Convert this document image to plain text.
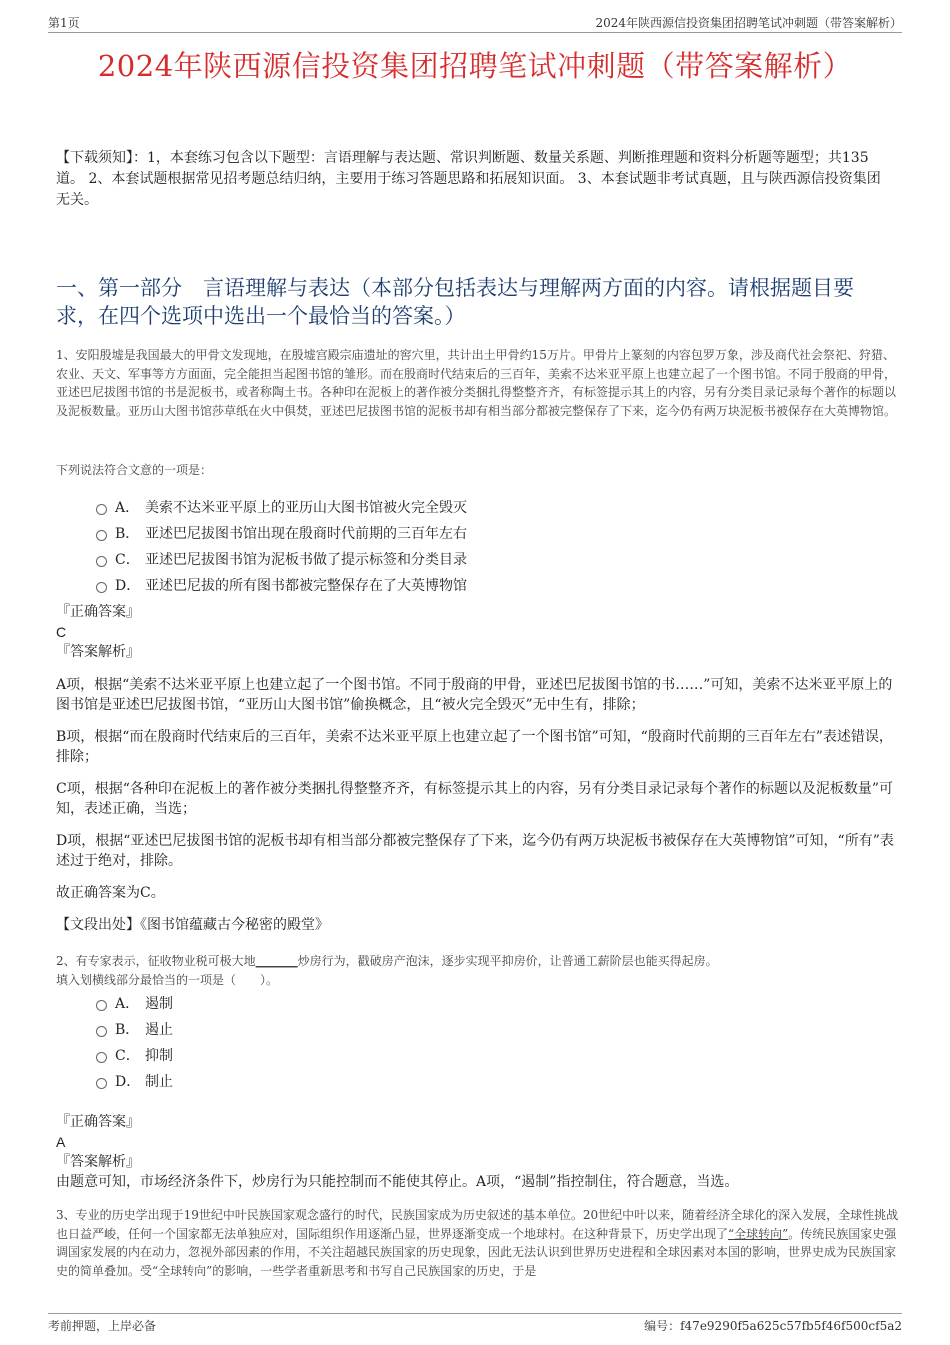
第1页	2024年陕西源信投资集团招聘笔试冲刺题（带答案解析）
2024年陕西源信投资集团招聘笔试冲刺题（带答案解析）
【下载须知】：1，本套练习包含以下题型：言语理解与表达题、常识判断题、数量关系题、判断推理题和资料分析题等题型；共135道。 2、本套试题根据常见招考题总结归纳，主要用于练习答题思路和拓展知识面。 3、本套试题非考试真题，且与陕西源信投资集团无关。
一、第一部分　言语理解与表达（本部分包括表达与理解两方面的内容。请根据题目要求，在四个选项中选出一个最恰当的答案。）
1、安阳殷墟是我国最大的甲骨文发现地，在殷墟宫殿宗庙遗址的窖穴里，共计出土甲骨约15万片。甲骨片上篆刻的内容包罗万象，涉及商代社会祭祀、狩猎、农业、天文、军事等方方面面，完全能担当起图书馆的雏形。而在殷商时代结束后的三百年，美索不达米亚平原上也建立起了一个图书馆。不同于殷商的甲骨，亚述巴尼拔图书馆的书是泥板书，或者称陶土书。各种印在泥板上的著作被分类捆扎得整整齐齐，有标签提示其上的内容，另有分类目录记录每个著作的标题以及泥板数量。亚历山大图书馆莎草纸在火中俱焚，亚述巴尼拔图书馆的泥板书却有相当部分都被完整保存了下来，迄今仍有两万块泥板书被保存在大英博物馆。
下列说法符合文意的一项是：
A． 美索不达米亚平原上的亚历山大图书馆被火完全毁灭
B． 亚述巴尼拔图书馆出现在殷商时代前期的三百年左右
C． 亚述巴尼拔图书馆为泥板书做了提示标签和分类目录
D． 亚述巴尼拔的所有图书都被完整保存在了大英博物馆
『正确答案』
C
『答案解析』

A项，根据“美索不达米亚平原上也建立起了一个图书馆。不同于殷商的甲骨，亚述巴尼拔图书馆的书……”可知，美索不达米亚平原上的图书馆是亚述巴尼拔图书馆，“亚历山大图书馆”偷换概念，且“被火完全毁灭”无中生有，排除；

B项，根据“而在殷商时代结束后的三百年，美索不达米亚平原上也建立起了一个图书馆”可知，“殷商时代前期的三百年左右”表述错误，排除；

C项，根据“各种印在泥板上的著作被分类捆扎得整整齐齐，有标签提示其上的内容，另有分类目录记录每个著作的标题以及泥板数量”可知，表述正确，当选；

D项，根据“亚述巴尼拔图书馆的泥板书却有相当部分都被完整保存了下来，迄今仍有两万块泥板书被保存在大英博物馆”可知，“所有”表述过于绝对，排除。

故正确答案为C。

【文段出处】《图书馆蕴藏古今秘密的殿堂》

2、有专家表示，征收物业税可极大地_______炒房行为，戳破房产泡沫，逐步实现平抑房价，让普通工薪阶层也能买得起房。
填入划横线部分最恰当的一项是（　　）。
A． 遏制
B． 遏止
C． 抑制
D． 制止
『正确答案』
A
『答案解析』
由题意可知，市场经济条件下，炒房行为只能控制而不能使其停止。A项，“遏制”指控制住，符合题意，当选。
3、专业的历史学出现于19世纪中叶民族国家观念盛行的时代，民族国家成为历史叙述的基本单位。20世纪中叶以来，随着经济全球化的深入发展，全球性挑战也日益严峻，任何一个国家都无法单独应对，国际组织作用逐渐凸显，世界逐渐变成一个地球村。在这种背景下，历史学出现了“全球转向”。传统民族国家史强调国家发展的内在动力，忽视外部因素的作用，不关注超越民族国家的历史现象，因此无法认识到世界历史进程和全球因素对本国的影响，世界史成为民族国家史的简单叠加。受“全球转向”的影响，一些学者重新思考和书写自己民族国家的历史，于是
考前押题，上岸必备	编号：f47e9290f5a625c57fb5f46f500cf5a2
